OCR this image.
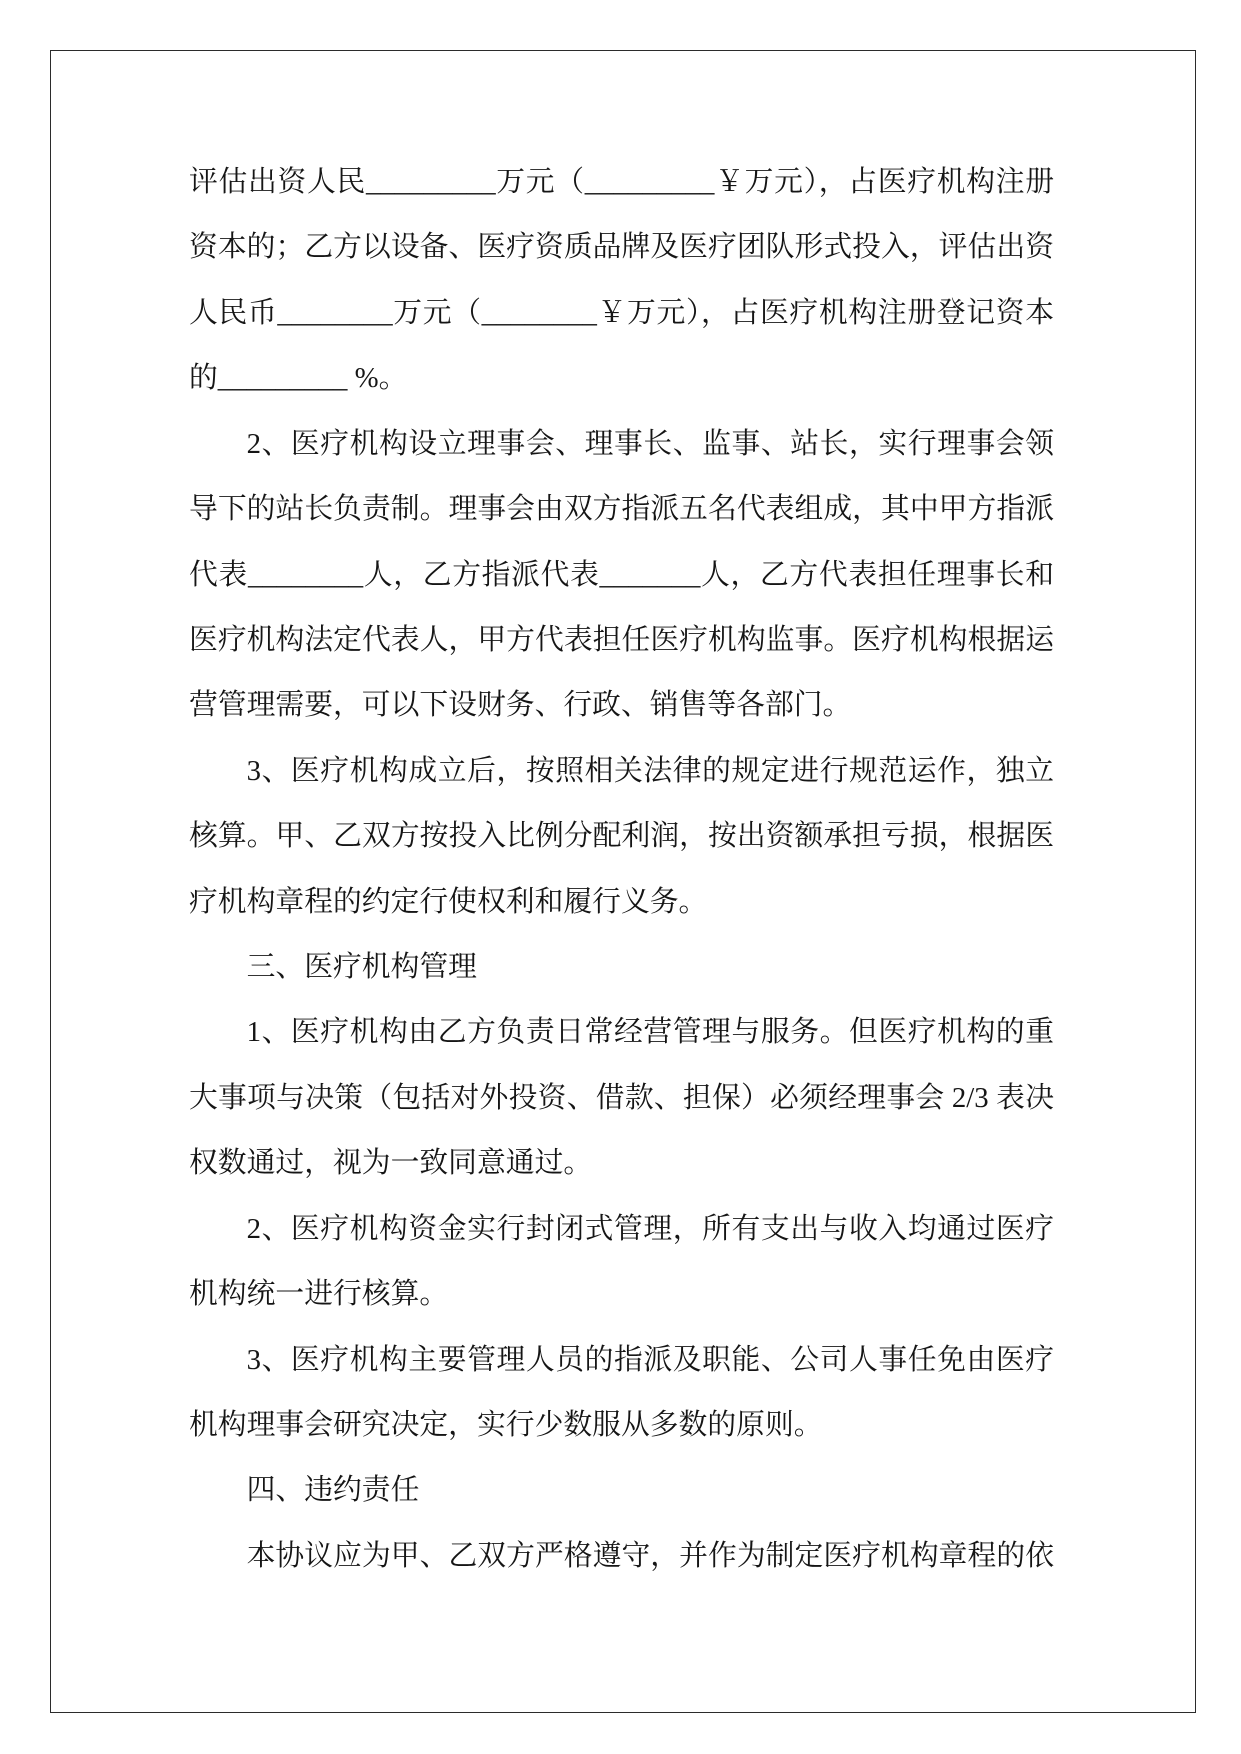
评估出资人民_________万元（_________￥万元），占医疗机构注册
资本的；乙方以设备、医疗资质品牌及医疗团队形式投入，评估出资
人民币________万元（________￥万元），占医疗机构注册登记资本
的_________ %。
2、医疗机构设立理事会、理事长、监事、站长，实行理事会领
导下的站长负责制。理事会由双方指派五名代表组成，其中甲方指派
代表________人，乙方指派代表_______人，乙方代表担任理事长和
医疗机构法定代表人，甲方代表担任医疗机构监事。医疗机构根据运
营管理需要，可以下设财务、行政、销售等各部门。
3、医疗机构成立后，按照相关法律的规定进行规范运作，独立
核算。甲、乙双方按投入比例分配利润，按出资额承担亏损，根据医
疗机构章程的约定行使权利和履行义务。
三、医疗机构管理
1、医疗机构由乙方负责日常经营管理与服务。但医疗机构的重
大事项与决策（包括对外投资、借款、担保）必须经理事会 2/3 表决
权数通过，视为一致同意通过。
2、医疗机构资金实行封闭式管理，所有支出与收入均通过医疗
机构统一进行核算。
3、医疗机构主要管理人员的指派及职能、公司人事任免由医疗
机构理事会研究决定，实行少数服从多数的原则。
四、违约责任
本协议应为甲、乙双方严格遵守，并作为制定医疗机构章程的依
